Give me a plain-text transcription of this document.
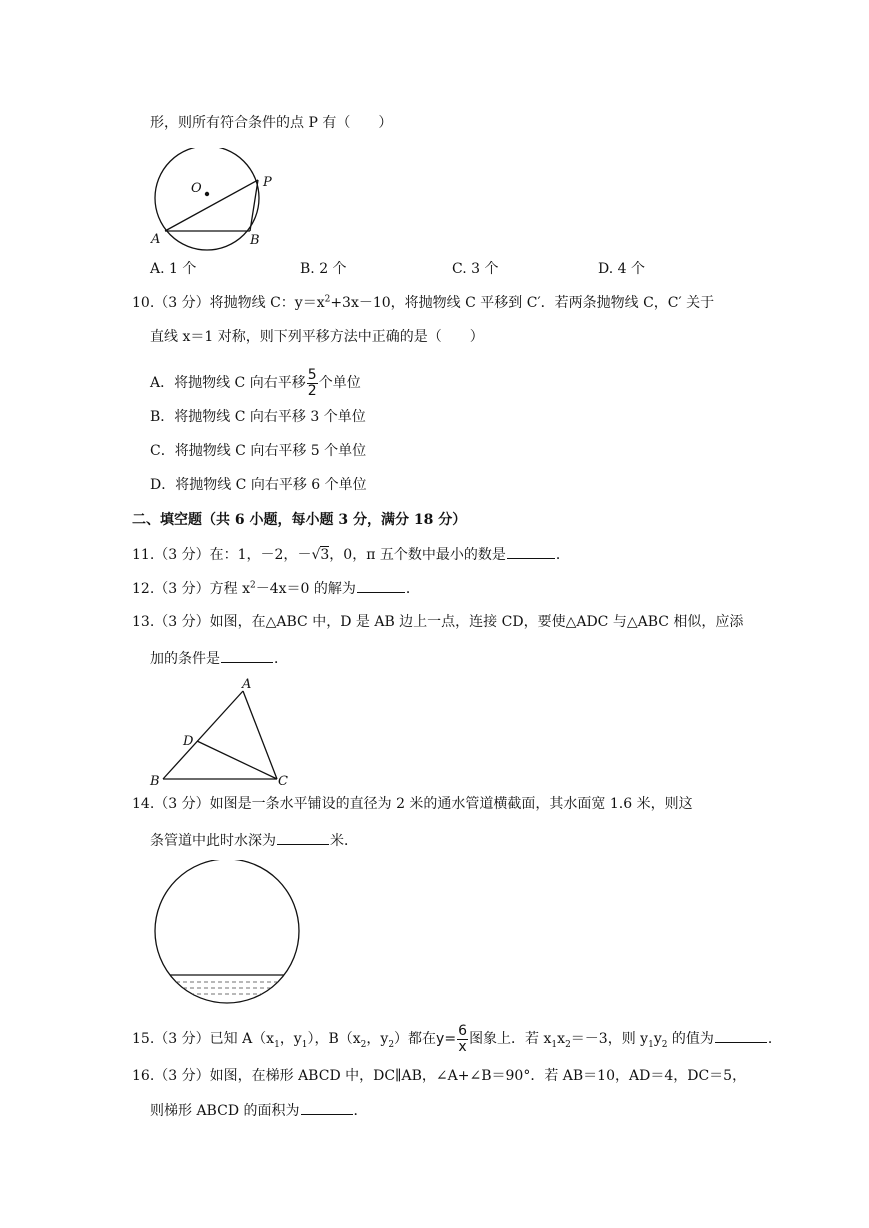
形，则所有符合条件的点 P 有（　　）
O	P
A	B
A. 1 个	B. 2 个	C. 3 个	D. 4 个
10.（3 分）将抛物线 C：$y=x^2+3x-10$，将抛物线 C 平移到 C′．若两条抛物线 C，C′ 关于
直线 x＝1 对称，则下列平移方法中正确的是（　　）
A．将抛物线 C 向右平移 $\frac{5}{2}$ 个单位
B．将抛物线 C 向右平移 3 个单位
C．将抛物线 C 向右平移 5 个单位
D．将抛物线 C 向右平移 6 个单位
二、填空题（共 6 小题，每小题 3 分，满分 18 分）
11.（3 分）在：1，－2，－√3，0，π 五个数中最小的数是	．
12.（3 分）方程 $x^2-4x=0$ 的解为	．
13.（3 分）如图，在△ABC 中，D 是 AB 边上一点，连接 CD，要使△ADC 与△ABC 相似，应添
加的条件是	．
A
D
B	C
14.（3 分）如图是一条水平铺设的直径为 2 米的通水管道横截面，其水面宽 1.6 米，则这
条管道中此时水深为	米．
15.（3 分）已知 $A(x_1$，$y_1$），$B(x_2$，$y_2$）都在$y= \frac{6}{x}$ 图象上．若 $x_1x_2=-3$，则 $y_1y_2$ 的值为	．
16.（3 分）如图，在梯形 ABCD 中，DC∥AB，∠A+∠B＝90°．若 AB＝10，AD＝4，DC＝5，
则梯形 ABCD 的面积为	．
